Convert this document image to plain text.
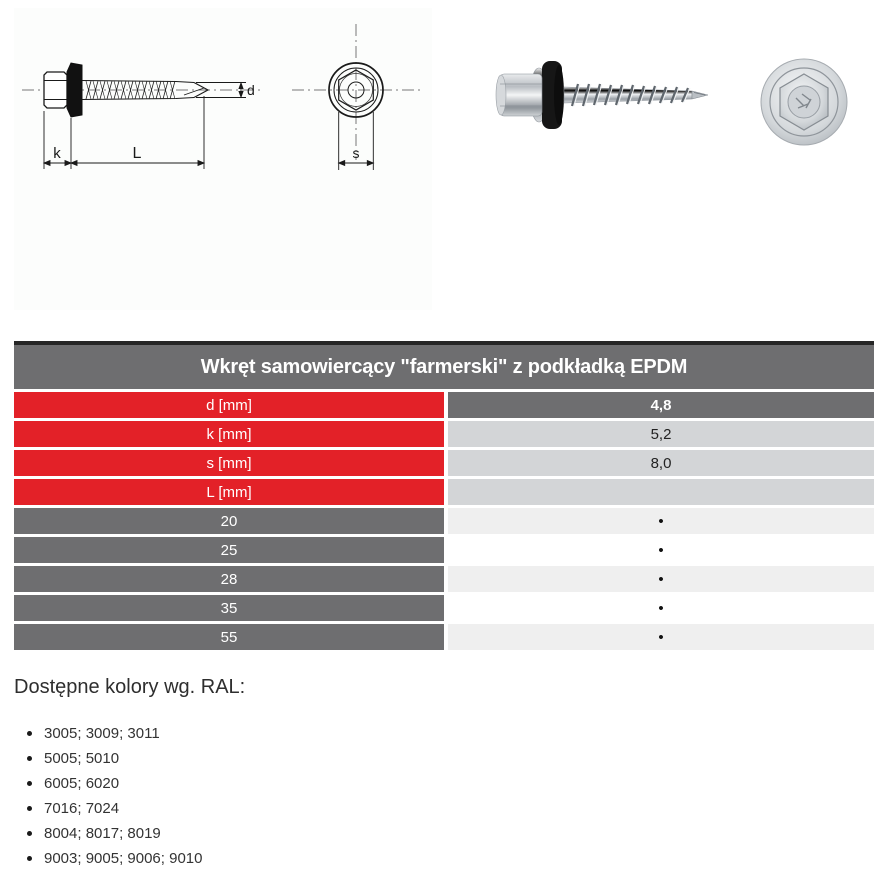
d
k	L	s
Wkręt samowiercący "farmerski" z podkładką EPDM
d [mm]	4,8
k [mm]	5,2
s [mm]	8,0
L [mm]
20	•
25	•
28	•
35	•
55	•
Dostępne kolory wg. RAL:
3005; 3009; 3011
5005; 5010
6005; 6020
7016; 7024
8004; 8017; 8019
9003; 9005; 9006; 9010
